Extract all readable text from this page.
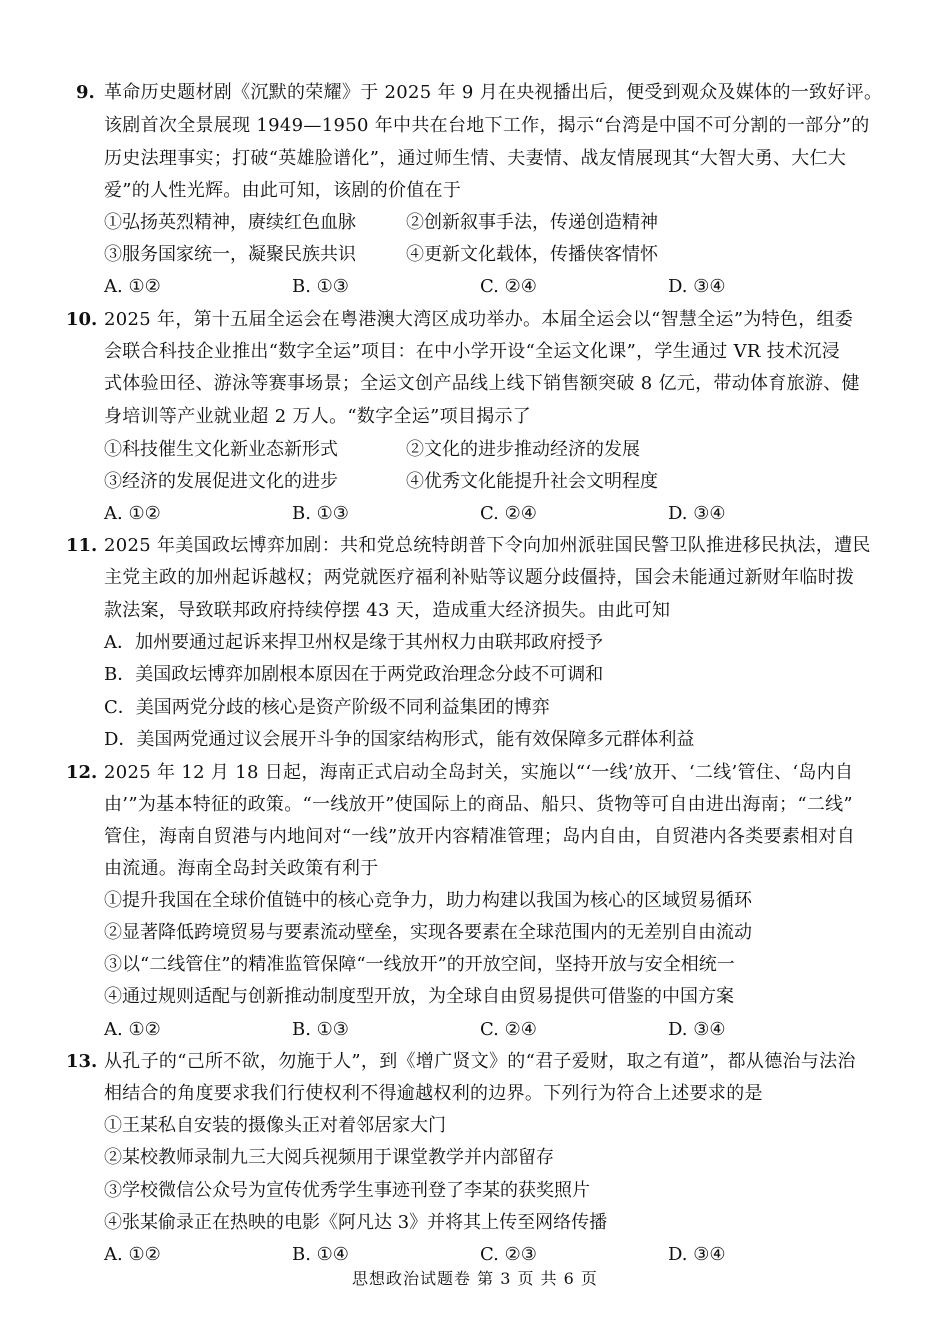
9. 革命历史题材剧《沉默的荣耀》于 2025 年 9 月在央视播出后，便受到观众及媒体的一致好评。
该剧首次全景展现 1949—1950 年中共在台地下工作，揭示“台湾是中国不可分割的一部分”的
历史法理事实；打破“英雄脸谱化”，通过师生情、夫妻情、战友情展现其“大智大勇、大仁大
爱”的人性光辉。由此可知，该剧的价值在于
①弘扬英烈精神，赓续红色血脉	②创新叙事手法，传递创造精神
③服务国家统一，凝聚民族共识	④更新文化载体，传播侠客情怀
A. ①②	B. ①③	C. ②④	D. ③④
10. 2025 年，第十五届全运会在粤港澳大湾区成功举办。本届全运会以“智慧全运”为特色，组委
会联合科技企业推出“数字全运”项目：在中小学开设“全运文化课”，学生通过 VR 技术沉浸
式体验田径、游泳等赛事场景；全运文创产品线上线下销售额突破 8 亿元，带动体育旅游、健
身培训等产业就业超 2 万人。“数字全运”项目揭示了
①科技催生文化新业态新形式	②文化的进步推动经济的发展
③经济的发展促进文化的进步	④优秀文化能提升社会文明程度
A. ①②	B. ①③	C. ②④	D. ③④
11. 2025 年美国政坛博弈加剧：共和党总统特朗普下令向加州派驻国民警卫队推进移民执法，遭民
主党主政的加州起诉越权；两党就医疗福利补贴等议题分歧僵持，国会未能通过新财年临时拨
款法案，导致联邦政府持续停摆 43 天，造成重大经济损失。由此可知
A．加州要通过起诉来捍卫州权是缘于其州权力由联邦政府授予
B．美国政坛博弈加剧根本原因在于两党政治理念分歧不可调和
C．美国两党分歧的核心是资产阶级不同利益集团的博弈
D．美国两党通过议会展开斗争的国家结构形式，能有效保障多元群体利益
12. 2025 年 12 月 18 日起，海南正式启动全岛封关，实施以“‘一线’放开、‘二线’管住、‘岛内自
由’”为基本特征的政策。“一线放开”使国际上的商品、船只、货物等可自由进出海南；“二线”
管住，海南自贸港与内地间对“一线”放开内容精准管理；岛内自由，自贸港内各类要素相对自
由流通。海南全岛封关政策有利于
①提升我国在全球价值链中的核心竞争力，助力构建以我国为核心的区域贸易循环
②显著降低跨境贸易与要素流动壁垒，实现各要素在全球范围内的无差别自由流动
③以“二线管住”的精准监管保障“一线放开”的开放空间，坚持开放与安全相统一
④通过规则适配与创新推动制度型开放，为全球自由贸易提供可借鉴的中国方案
A. ①②	B. ①③	C. ②④	D. ③④
13. 从孔子的“己所不欲，勿施于人”，到《增广贤文》的“君子爱财，取之有道”，都从德治与法治
相结合的角度要求我们行使权利不得逾越权利的边界。下列行为符合上述要求的是
①王某私自安装的摄像头正对着邻居家大门
②某校教师录制九三大阅兵视频用于课堂教学并内部留存
③学校微信公众号为宣传优秀学生事迹刊登了李某的获奖照片
④张某偷录正在热映的电影《阿凡达 3》并将其上传至网络传播
A. ①②	B. ①④	C. ②③	D. ③④
思想政治试题卷 第 3 页 共 6 页
